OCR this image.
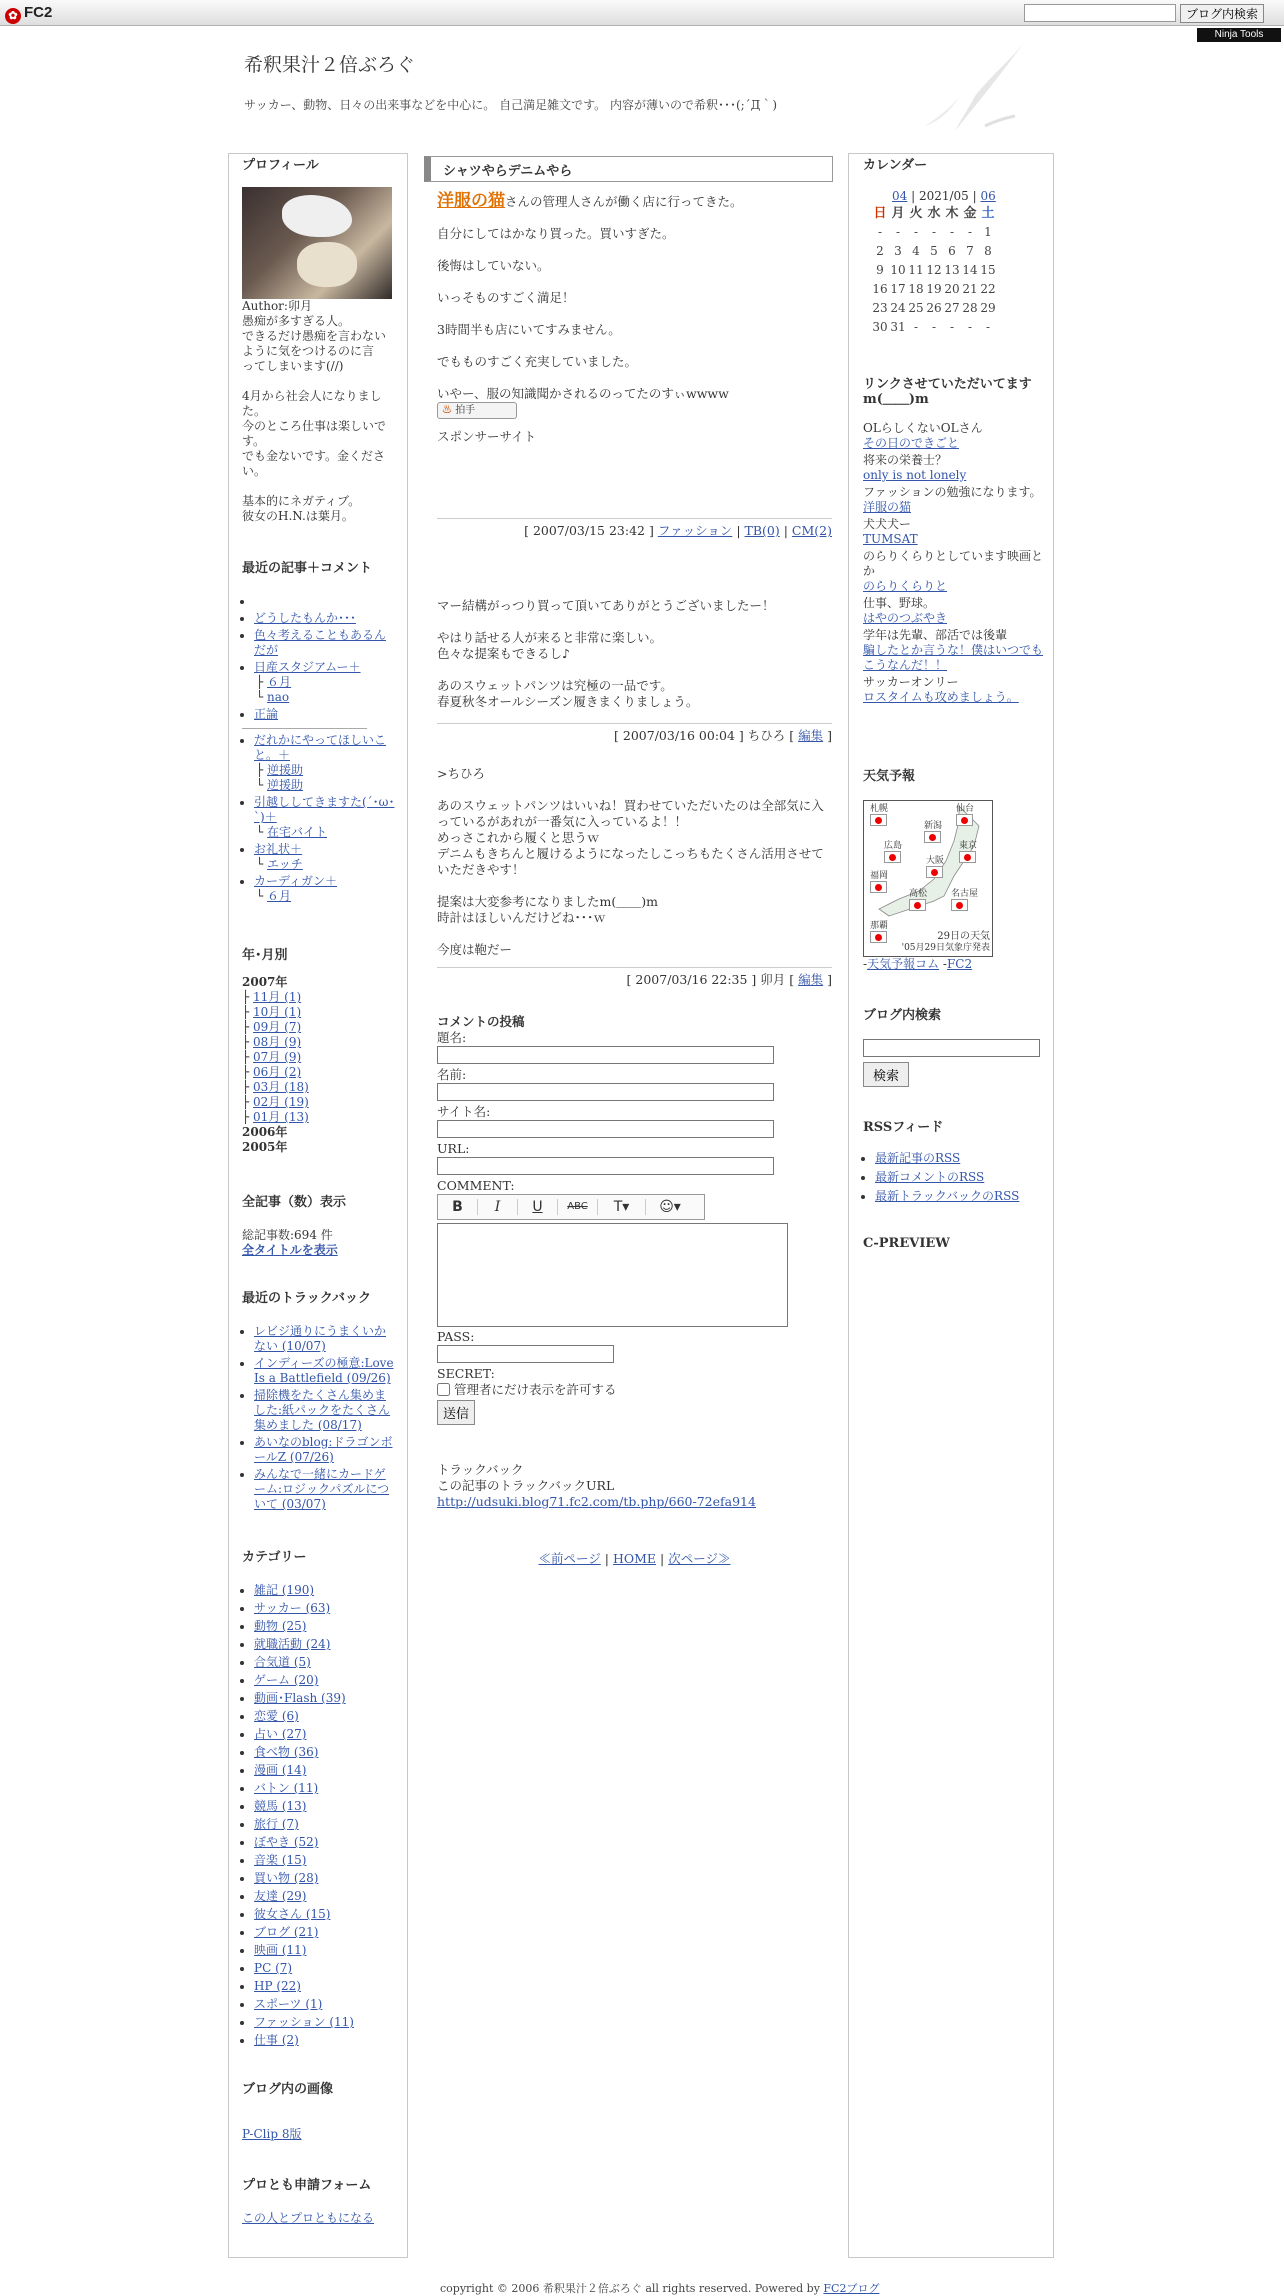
✿ FC2	ブログ内検索
Ninja Tools
希釈果汁２倍ぶろぐ
サッカー、動物、日々の出来事などを中心に。 自己満足雑文です。 内容が薄いので希釈･･･(;´Д｀)
プロフィール
Author:卯月
愚痴が多すぎる人。
できるだけ愚痴を言わない
ように気をつけるのに言
ってしまいます(//)
4月から社会人になりまし
た。
今のところ仕事は楽しいで
す。
でも金ないです。金くださ
い。
基本的にネガティブ。
彼女のH.N.は葉月。
最近の記事＋コメント
•
• どうしたもんか･･･
• 色々考えることもあるんだが
• 日産スタジアムー＋
├ ６月
└ nao
• 正論
• だれかにやってほしいこと。＋
├ 逆援助
└ 逆援助
• 引越ししてきますた(´･ω･`)＋
└ 在宅バイト
• お礼状＋
└ エッチ
• カーディガン＋
└ ６月
年･月別
2007年
├ 11月 (1)
├ 10月 (1)
├ 09月 (7)
├ 08月 (9)
├ 07月 (9)
├ 06月 (2)
├ 03月 (18)
├ 02月 (19)
├ 01月 (13)
2006年
2005年
全記事（数）表示
総記事数:694 件
全タイトルを表示
最近のトラックバック
• レビジ通りにうまくいかない (10/07)
• インディーズの極意:Love Is a Battlefield (09/26)
• 掃除機をたくさん集めました:紙パックをたくさん集めました (08/17)
• あいなのblog:ドラゴンボールZ (07/26)
• みんなで一緒にカードゲーム:ロジックパズルについて (03/07)
カテゴリー
• 雑記 (190)
• サッカー (63)
• 動物 (25)
• 就職活動 (24)
• 合気道 (5)
• ゲーム (20)
• 動画･Flash (39)
• 恋愛 (6)
• 占い (27)
• 食べ物 (36)
• 漫画 (14)
• バトン (11)
• 競馬 (13)
• 旅行 (7)
• ぼやき (52)
• 音楽 (15)
• 買い物 (28)
• 友達 (29)
• 彼女さん (15)
• ブログ (21)
• 映画 (11)
• PC (7)
• HP (22)
• スポーツ (1)
• ファッション (11)
• 仕事 (2)
ブログ内の画像
P-Clip 8版
プロとも申請フォーム
この人とプロともになる
シャツやらデニムやら
洋服の猫さんの管理人さんが働く店に行ってきた。
自分にしてはかなり買った。買いすぎた。
後悔はしていない。
いっそものすごく満足！
3時間半も店にいてすみません。
でもものすごく充実していました。
いやー、服の知識聞かされるのってたのすぃwwww
♨ 拍手
スポンサーサイト
[ 2007/03/15 23:42 ] ファッション | TB(0) | CM(2)
マー結構がっつり買って頂いてありがとうございましたー！
やはり話せる人が来ると非常に楽しい。
色々な提案もできるし♪
あのスウェットパンツは究極の一品です。
春夏秋冬オールシーズン履きまくりましょう。
[ 2007/03/16 00:04 ] ちひろ [ 編集 ]
>ちひろ
あのスウェットパンツはいいね！買わせていただいたのは全部気に入っているがあれが一番気に入っているよ！！
めっさこれから履くと思うｗ
デニムもきちんと履けるようになったしこっちもたくさん活用させていただきやす！
提案は大変参考になりましたm(＿＿)m
時計はほしいんだけどね･･･ｗ
今度は鞄だー
[ 2007/03/16 22:35 ] 卯月 [ 編集 ]
コメントの投稿
題名:
名前:
サイト名:
URL:
COMMENT:
B	I	U	ABC	T▾	☺▾
PASS:
SECRET:
管理者にだけ表示を許可する
送信
トラックバック
この記事のトラックバックURL
http://udsuki.blog71.fc2.com/tb.php/660-72efa914
≪前ページ | HOME | 次ページ≫
カレンダー
04 | 2021/05 | 06
日	月	火	水	木	金	土
-	-	-	-	-	-	1
2	3	4	5	6	7	8
9	10	11	12	13	14	15
16	17	18	19	20	21	22
23	24	25	26	27	28	29
30	31	-	-	-	-	-
リンクさせていただいてます m(＿＿)m
OLらしくないOLさん
その日のできごと
将来の栄養士？
only is not lonely
ファッションの勉強になります。
洋服の猫
犬犬犬ー
TUMSAT
のらりくらりとしています映画とか
のらりくらりと
仕事、野球。
はやのつぶやき
学年は先輩、部活では後輩
騙したとか言うな！僕はいつでもこうなんだ！！
サッカーオンリー
ロスタイムも攻めましょう。
天気予報
札幌	仙台
新潟
広島	東京
大阪
福岡
高松	名古屋
那覇
29日の天気
'05月29日気象庁発表
-天気予報コム -FC2
ブログ内検索
検索
RSSフィード
• 最新記事のRSS
• 最新コメントのRSS
• 最新トラックバックのRSS
C-PREVIEW
copyright © 2006 希釈果汁２倍ぶろぐ all rights reserved. Powered by FC2ブログ
